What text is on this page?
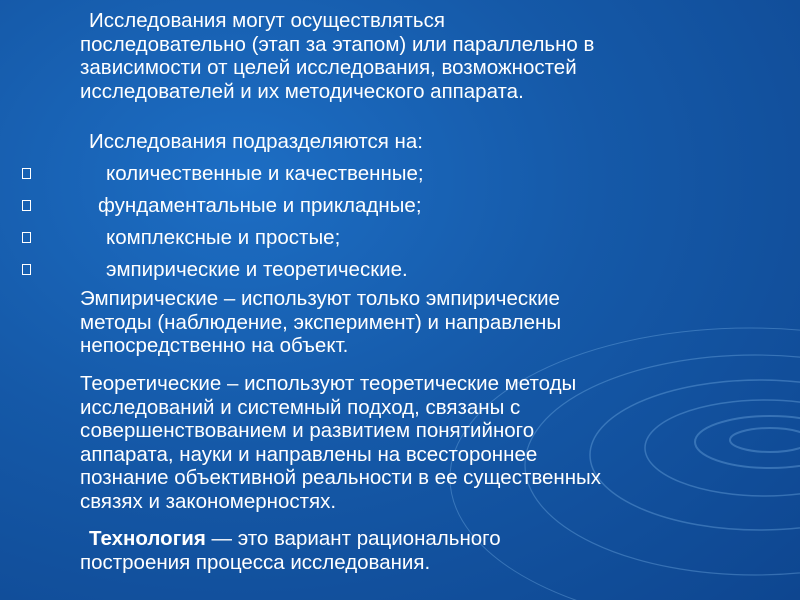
Исследования могут осуществляться
последовательно (этап за этапом) или параллельно в
зависимости от целей исследования, возможностей
исследователей и их методического аппарата.

Исследования подразделяются на:

количественные и качественные;
фундаментальные и прикладные;
комплексные и простые;
эмпирические и теоретические.

Эмпирические – используют только эмпирические
методы (наблюдение, эксперимент) и направлены
непосредственно на объект.

Теоретические – используют теоретические методы
исследований и системный подход, связаны с
совершенствованием и развитием понятийного
аппарата, науки и направлены на всестороннее
познание объективной реальности в ее существенных
связях и закономерностях.

Технология — это вариант рационального
построения процесса исследования.
